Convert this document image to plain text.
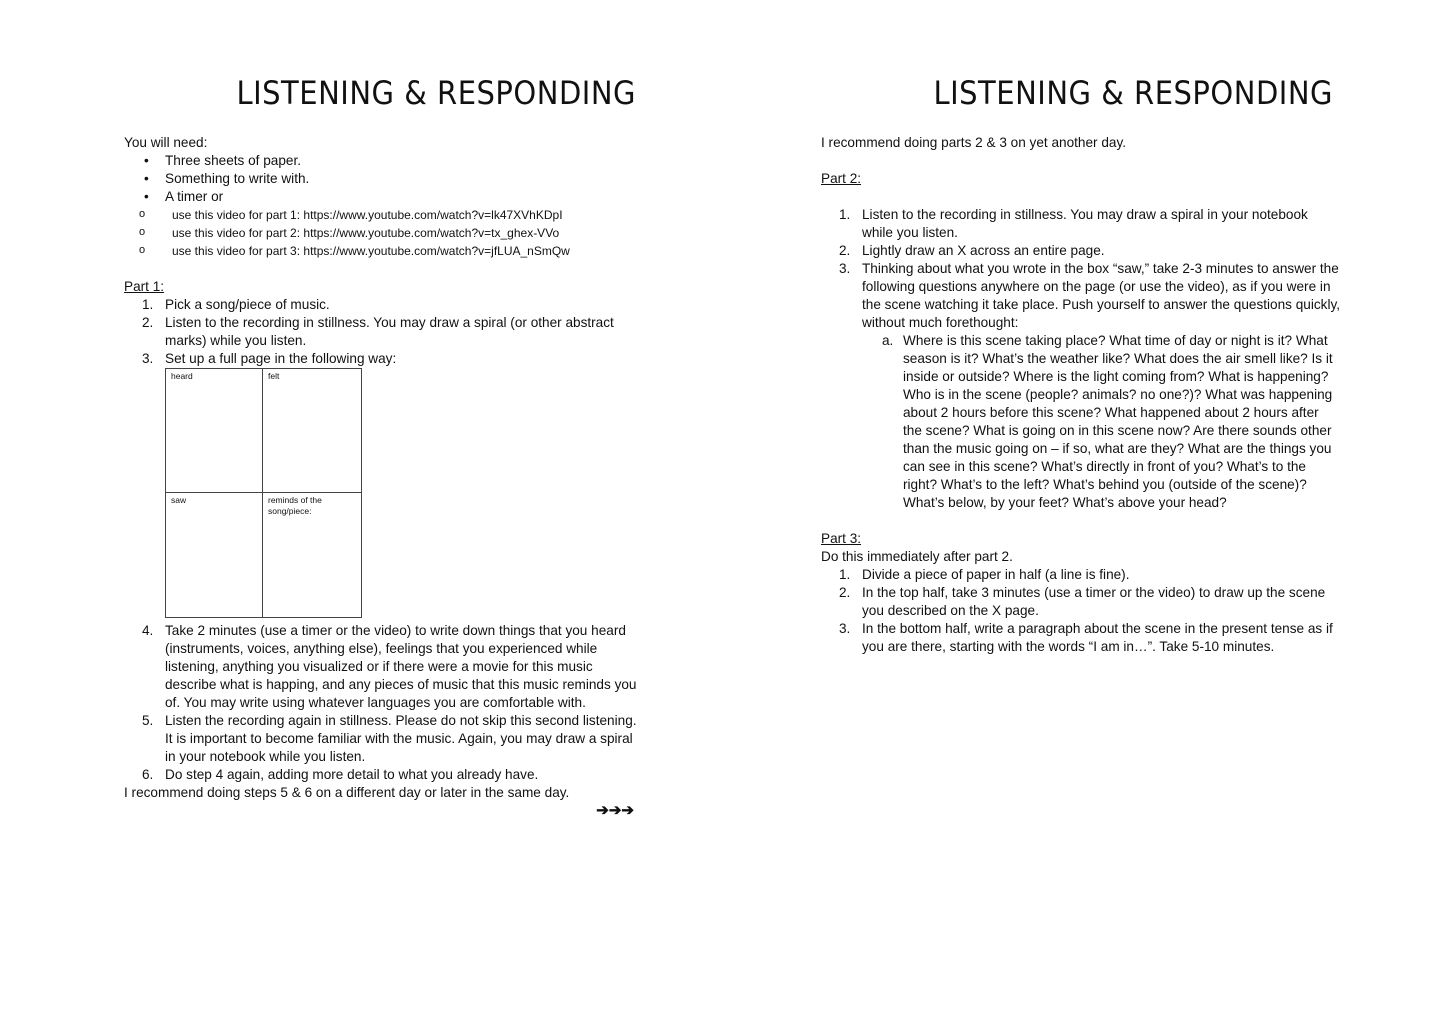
LISTENING & RESPONDING

You will need:

• Three sheets of paper.
• Something to write with.
• A timer or
o use this video for part 1: https://www.youtube.com/watch?v=lk47XVhKDpI
o use this video for part 2: https://www.youtube.com/watch?v=tx_ghex-VVo
o use this video for part 3: https://www.youtube.com/watch?v=jfLUA_nSmQw

Part 1:

1. Pick a song/piece of music.
2. Listen to the recording in stillness. You may draw a spiral (or other abstract marks) while you listen.
3. Set up a full page in the following way:
heard	felt
saw	reminds of the song/piece:
4. Take 2 minutes (use a timer or the video) to write down things that you heard (instruments, voices, anything else), feelings that you experienced while listening, anything you visualized or if there were a movie for this music describe what is happing, and any pieces of music that this music reminds you of. You may write using whatever languages you are comfortable with.
5. Listen the recording again in stillness. Please do not skip this second listening. It is important to become familiar with the music. Again, you may draw a spiral in your notebook while you listen.
6. Do step 4 again, adding more detail to what you already have.

I recommend doing steps 5 & 6 on a different day or later in the same day.

➔➔➔
LISTENING & RESPONDING

I recommend doing parts 2 & 3 on yet another day.

Part 2:

1. Listen to the recording in stillness. You may draw a spiral in your notebook while you listen.
2. Lightly draw an X across an entire page.
3. Thinking about what you wrote in the box “saw,” take 2-3 minutes to answer the following questions anywhere on the page (or use the video), as if you were in the scene watching it take place. Push yourself to answer the questions quickly, without much forethought:
a. Where is this scene taking place? What time of day or night is it? What season is it? What’s the weather like? What does the air smell like? Is it inside or outside? Where is the light coming from? What is happening? Who is in the scene (people? animals? no one?)? What was happening about 2 hours before this scene? What happened about 2 hours after the scene? What is going on in this scene now? Are there sounds other than the music going on – if so, what are they? What are the things you can see in this scene? What’s directly in front of you? What’s to the right? What’s to the left? What’s behind you (outside of the scene)? What’s below, by your feet? What’s above your head?

Part 3:

Do this immediately after part 2.

1. Divide a piece of paper in half (a line is fine).
2. In the top half, take 3 minutes (use a timer or the video) to draw up the scene you described on the X page.
3. In the bottom half, write a paragraph about the scene in the present tense as if you are there, starting with the words “I am in…”. Take 5-10 minutes.
